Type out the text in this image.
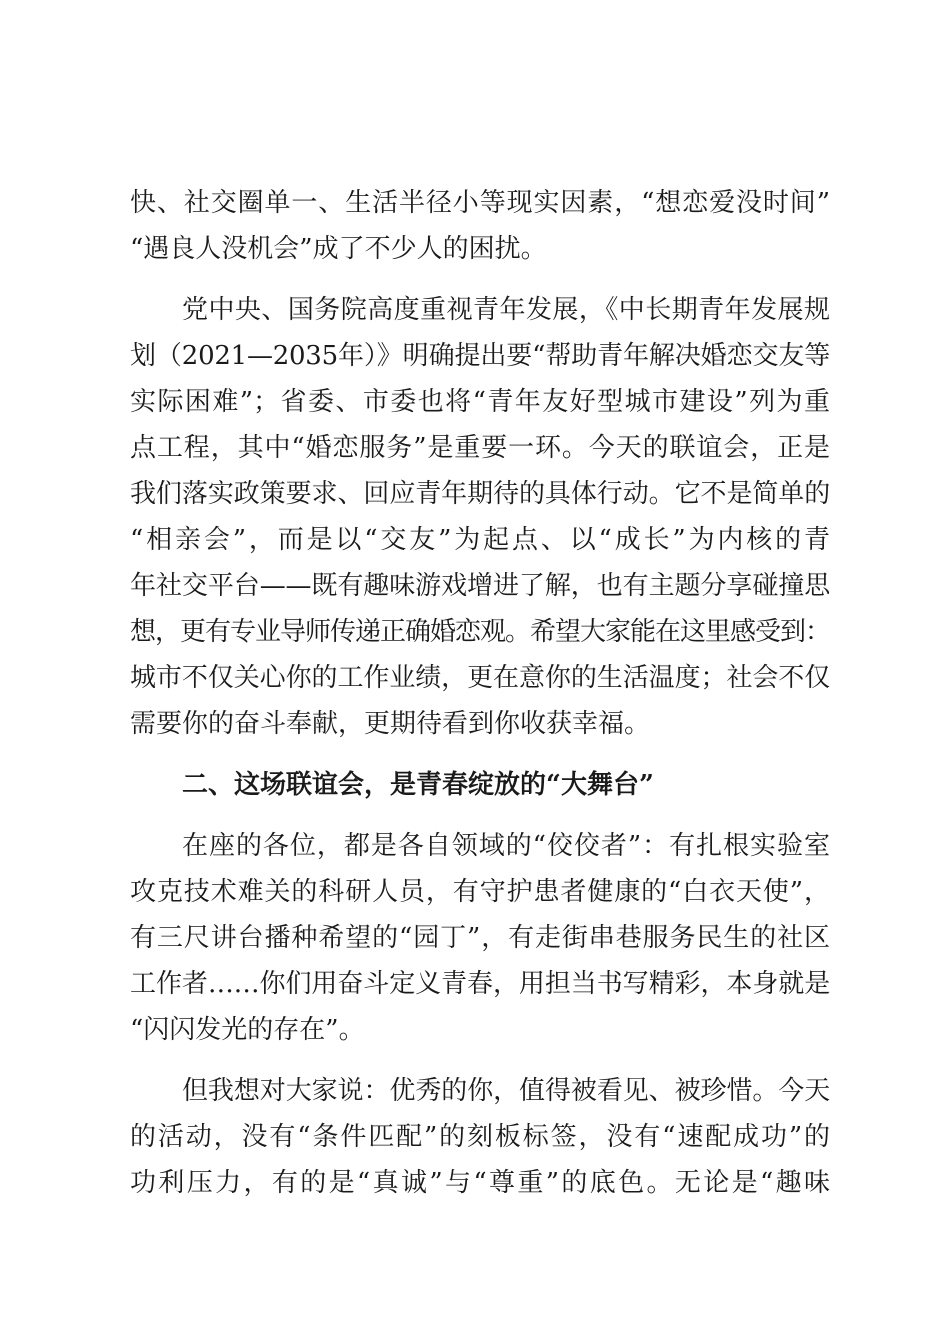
快、社交圈单一、生活半径小等现实因素，“想恋爱没时间”
“遇良人没机会”成了不少人的困扰。
党中央、国务院高度重视青年发展，《中长期青年发展规
划（2021—2035年）》明确提出要“帮助青年解决婚恋交友等
实际困难”；省委、市委也将“青年友好型城市建设”列为重
点工程，其中“婚恋服务”是重要一环。今天的联谊会，正是
我们落实政策要求、回应青年期待的具体行动。它不是简单的
“相亲会”，而是以“交友”为起点、以“成长”为内核的青
年社交平台——既有趣味游戏增进了解，也有主题分享碰撞思
想，更有专业导师传递正确婚恋观。希望大家能在这里感受到：
城市不仅关心你的工作业绩，更在意你的生活温度；社会不仅
需要你的奋斗奉献，更期待看到你收获幸福。
二、这场联谊会，是青春绽放的“大舞台”
在座的各位，都是各自领域的“佼佼者”：有扎根实验室
攻克技术难关的科研人员，有守护患者健康的“白衣天使”，
有三尺讲台播种希望的“园丁”，有走街串巷服务民生的社区
工作者……你们用奋斗定义青春，用担当书写精彩，本身就是
“闪闪发光的存在”。
但我想对大家说：优秀的你，值得被看见、被珍惜。今天
的活动，没有“条件匹配”的刻板标签，没有“速配成功”的
功利压力，有的是“真诚”与“尊重”的底色。无论是“趣味
